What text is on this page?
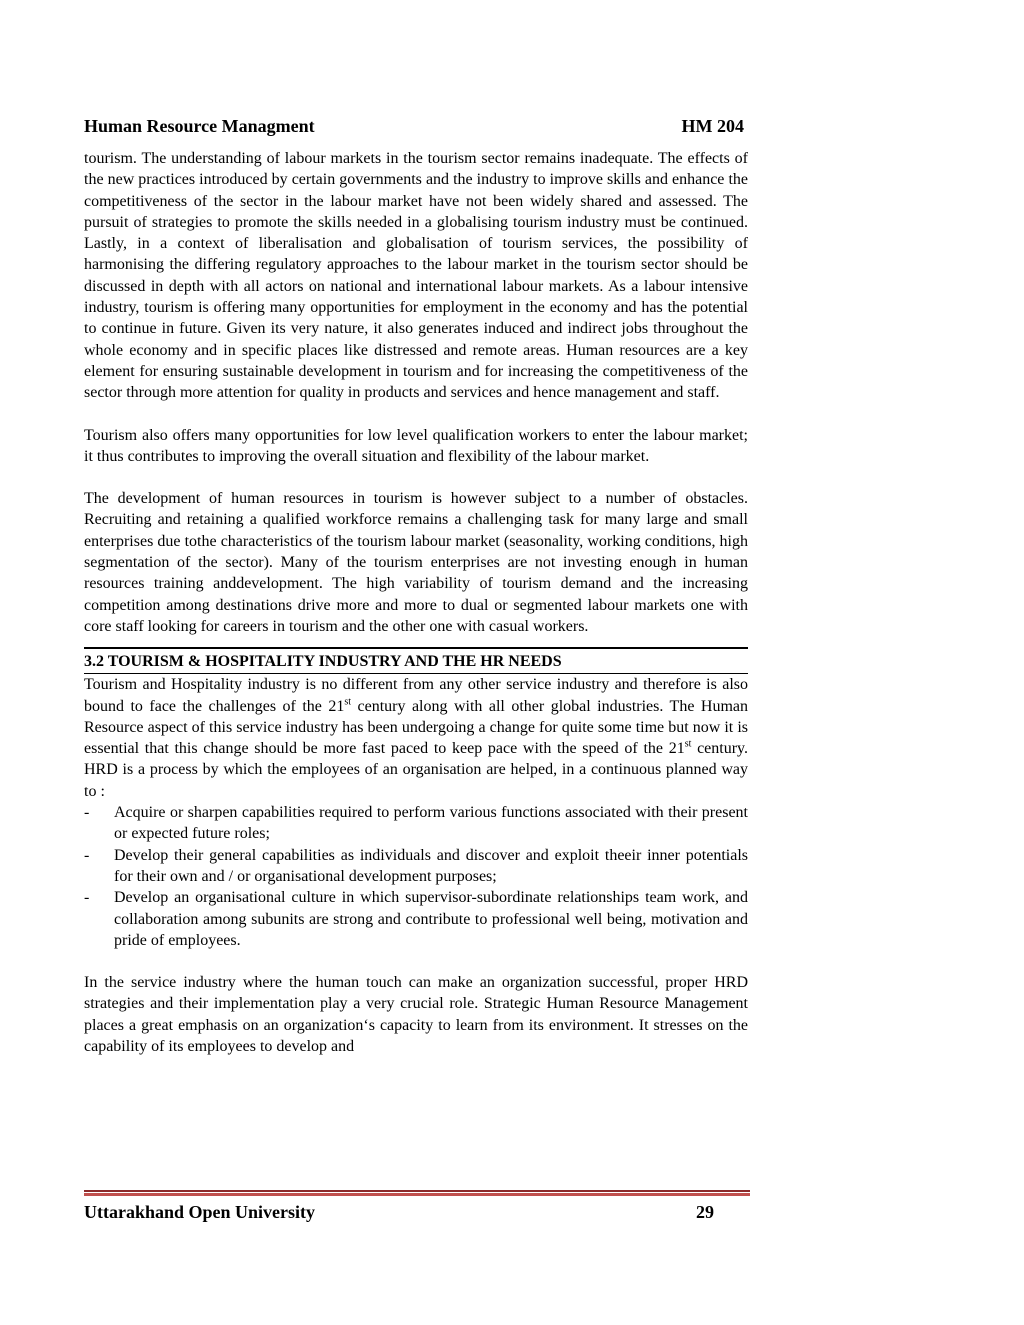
Human Resource Managment	HM 204

tourism. The understanding of labour markets in the tourism sector remains inadequate. The effects of the new practices introduced by certain governments and the industry to improve skills and enhance the competitiveness of the sector in the labour market have not been widely shared and assessed. The pursuit of strategies to promote the skills needed in a globalising tourism industry must be continued. Lastly, in a context of liberalisation and globalisation of tourism services, the possibility of harmonising the differing regulatory approaches to the labour market in the tourism sector should be discussed in depth with all actors on national and international labour markets. As a labour intensive industry, tourism is offering many opportunities for employment in the economy and has the potential to continue in future. Given its very nature, it also generates induced and indirect jobs throughout the whole economy and in specific places like distressed and remote areas. Human resources are a key element for ensuring sustainable development in tourism and for increasing the competitiveness of the sector through more attention for quality in products and services and hence management and staff.

Tourism also offers many opportunities for low level qualification workers to enter the labour market; it thus contributes to improving the overall situation and flexibility of the labour market.

The development of human resources in tourism is however subject to a number of obstacles. Recruiting and retaining a qualified workforce remains a challenging task for many large and small enterprises due tothe characteristics of the tourism labour market (seasonality, working conditions, high segmentation of the sector). Many of the tourism enterprises are not investing enough in human resources training anddevelopment. The high variability of tourism demand and the increasing competition among destinations drive more and more to dual or segmented labour markets one with core staff looking for careers in tourism and the other one with casual workers.

3.2 TOURISM & HOSPITALITY INDUSTRY AND THE HR NEEDS

Tourism and Hospitality industry is no different from any other service industry and therefore is also bound to face the challenges of the 21st century along with all other global industries. The Human Resource aspect of this service industry has been undergoing a change for quite some time but now it is essential that this change should be more fast paced to keep pace with the speed of the 21st century. HRD is a process by which the employees of an organisation are helped, in a continuous planned way to :

-	Acquire or sharpen capabilities required to perform various functions associated with their present or expected future roles;
-	Develop their general capabilities as individuals and discover and exploit theeir inner potentials for their own and / or organisational development purposes;
-	Develop an organisational culture in which supervisor-subordinate relationships team work, and collaboration among subunits are strong and contribute to professional well being, motivation and pride of employees.

In the service industry where the human touch can make an organization successful, proper HRD strategies and their implementation play a very crucial role. Strategic Human Resource Management places a great emphasis on an organization‘s capacity to learn from its environment. It stresses on the capability of its employees to develop and

Uttarakhand Open University	29
